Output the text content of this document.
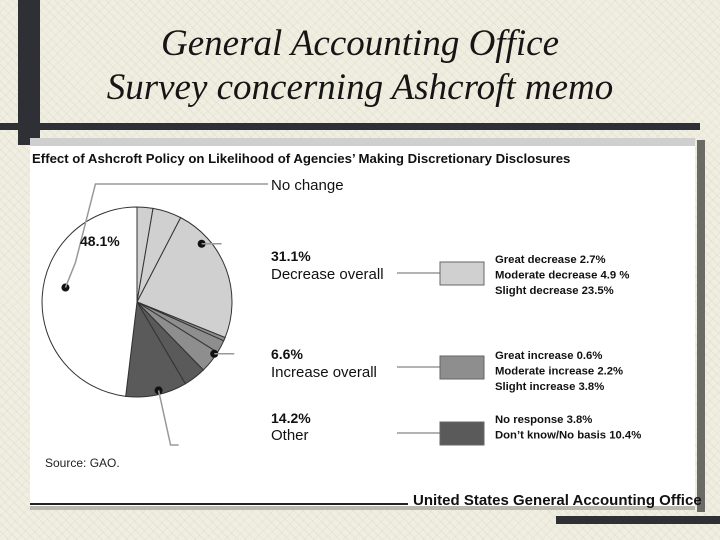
General Accounting Office
Survey concerning Ashcroft memo
Effect of Ashcroft Policy on Likelihood of Agencies’ Making Discretionary Disclosures
No change
48.1%
31.1%
Decrease overall
Great decrease 2.7%
Moderate decrease 4.9 %
Slight decrease 23.5%
6.6%
Increase overall
Great increase 0.6%
Moderate increase 2.2%
Slight increase 3.8%
14.2%
Other
No response 3.8%
Don’t know/No basis 10.4%
Source: GAO.
United States General Accounting Office
